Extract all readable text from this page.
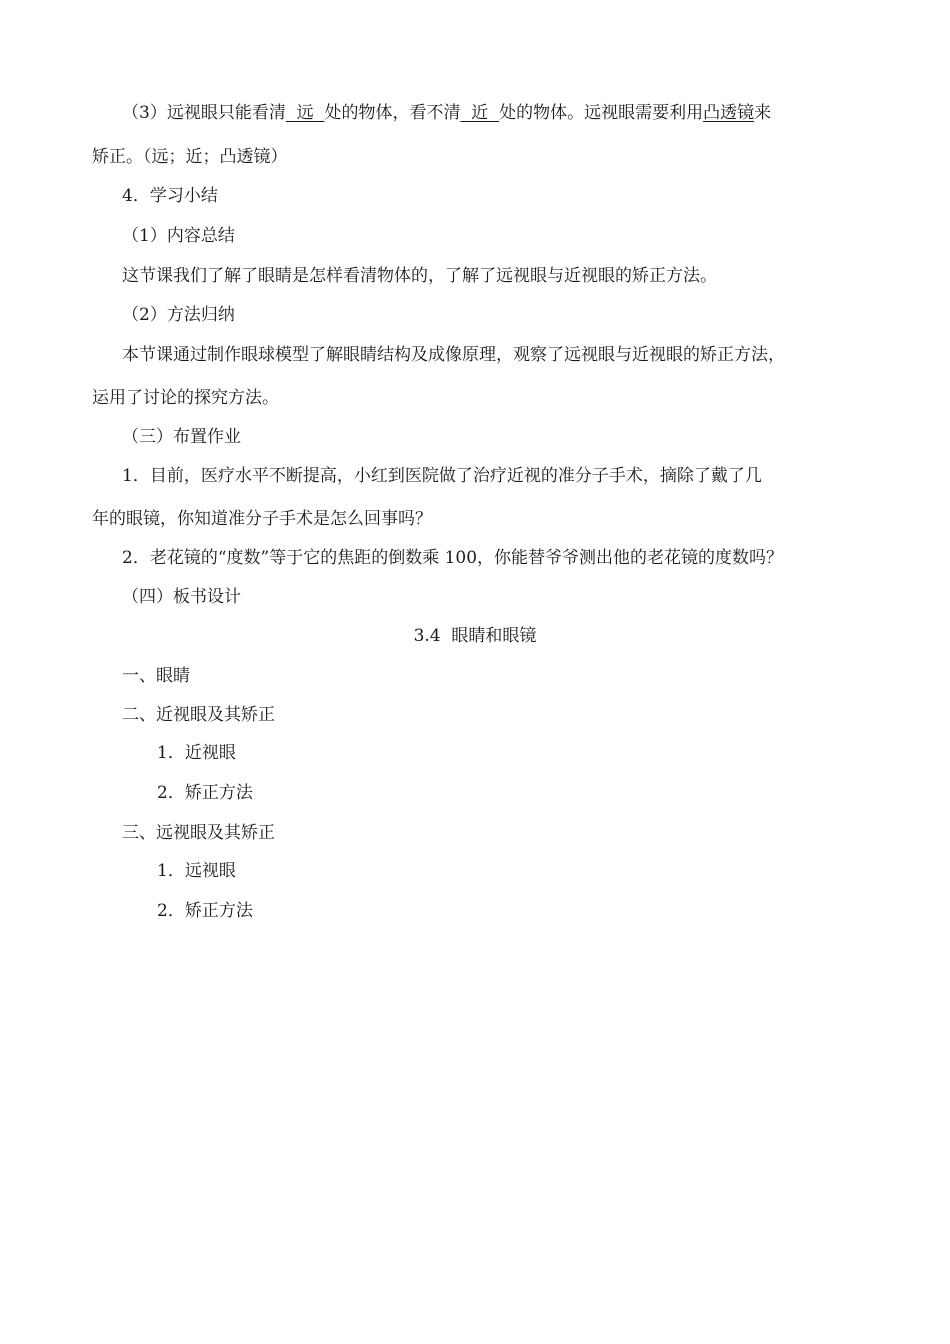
（3）远视眼只能看清  远  处的物体，看不清  近  处的物体。远视眼需要利用凸透镜来
矫正。（远；近；凸透镜）
4．学习小结
（1）内容总结
这节课我们了解了眼睛是怎样看清物体的，了解了远视眼与近视眼的矫正方法。
（2）方法归纳
本节课通过制作眼球模型了解眼睛结构及成像原理，观察了远视眼与近视眼的矫正方法，
运用了讨论的探究方法。
（三）布置作业
1．目前，医疗水平不断提高，小红到医院做了治疗近视的准分子手术，摘除了戴了几
年的眼镜，你知道准分子手术是怎么回事吗？
2．老花镜的“度数”等于它的焦距的倒数乘 100，你能替爷爷测出他的老花镜的度数吗？
（四）板书设计
3.4  眼睛和眼镜
一、眼睛
二、近视眼及其矫正
1．近视眼
2．矫正方法
三、远视眼及其矫正
1．远视眼
2．矫正方法
